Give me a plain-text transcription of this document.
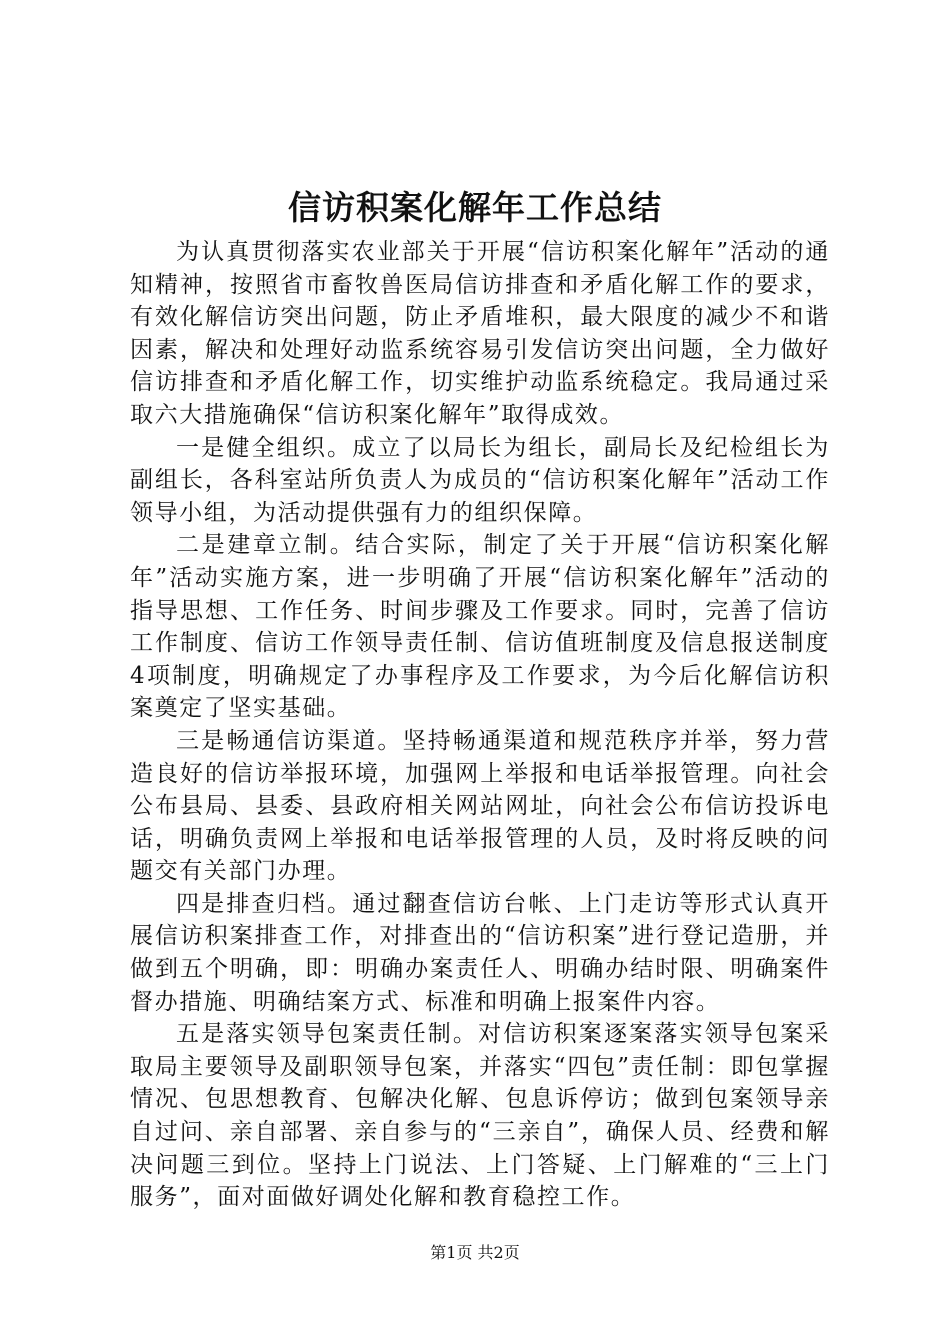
信访积案化解年工作总结

为认真贯彻落实农业部关于开展“信访积案化解年”活动的通知精神，按照省市畜牧兽医局信访排查和矛盾化解工作的要求，有效化解信访突出问题，防止矛盾堆积，最大限度的减少不和谐因素，解决和处理好动监系统容易引发信访突出问题，全力做好信访排查和矛盾化解工作，切实维护动监系统稳定。我局通过采取六大措施确保“信访积案化解年”取得成效。

一是健全组织。成立了以局长为组长，副局长及纪检组长为副组长，各科室站所负责人为成员的“信访积案化解年”活动工作领导小组，为活动提供强有力的组织保障。

二是建章立制。结合实际，制定了关于开展“信访积案化解年”活动实施方案，进一步明确了开展“信访积案化解年”活动的指导思想、工作任务、时间步骤及工作要求。同时，完善了信访工作制度、信访工作领导责任制、信访值班制度及信息报送制度4项制度，明确规定了办事程序及工作要求，为今后化解信访积案奠定了坚实基础。

三是畅通信访渠道。坚持畅通渠道和规范秩序并举，努力营造良好的信访举报环境，加强网上举报和电话举报管理。向社会公布县局、县委、县政府相关网站网址，向社会公布信访投诉电话，明确负责网上举报和电话举报管理的人员，及时将反映的问题交有关部门办理。

四是排查归档。通过翻查信访台帐、上门走访等形式认真开展信访积案排查工作，对排查出的“信访积案”进行登记造册，并做到五个明确，即：明确办案责任人、明确办结时限、明确案件督办措施、明确结案方式、标准和明确上报案件内容。

五是落实领导包案责任制。对信访积案逐案落实领导包案采取局主要领导及副职领导包案，并落实“四包”责任制：即包掌握情况、包思想教育、包解决化解、包息诉停访；做到包案领导亲自过问、亲自部署、亲自参与的“三亲自”，确保人员、经费和解决问题三到位。坚持上门说法、上门答疑、上门解难的“三上门服务”，面对面做好调处化解和教育稳控工作。

第1页 共2页
